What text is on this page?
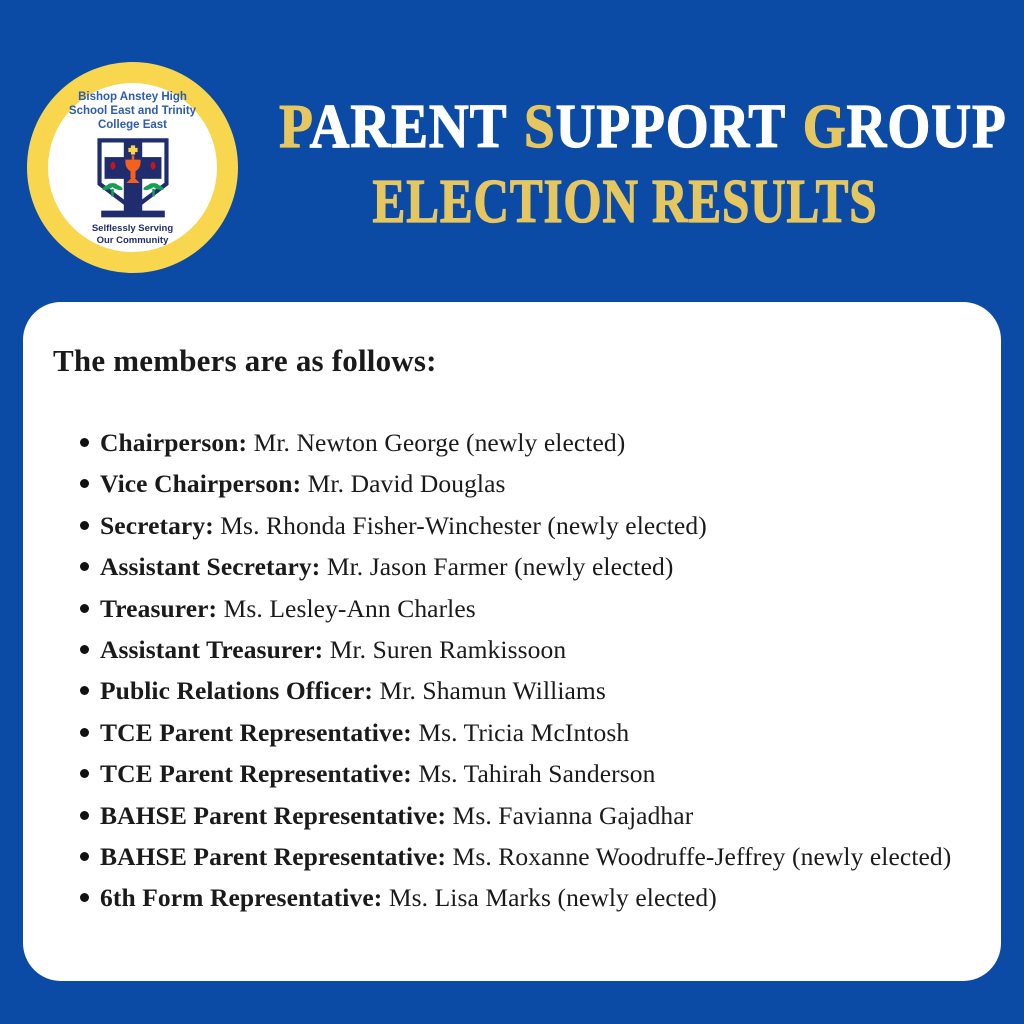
Bishop Anstey High
School East and Trinity
College East
Selflessly Serving
Our Community
PARENT SUPPORT GROUP
ELECTION RESULTS
The members are as follows:
Chairperson: Mr. Newton George (newly elected)
Vice Chairperson: Mr. David Douglas
Secretary: Ms. Rhonda Fisher-Winchester (newly elected)
Assistant Secretary: Mr. Jason Farmer (newly elected)
Treasurer: Ms. Lesley-Ann Charles
Assistant Treasurer: Mr. Suren Ramkissoon
Public Relations Officer: Mr. Shamun Williams
TCE Parent Representative: Ms. Tricia McIntosh
TCE Parent Representative: Ms. Tahirah Sanderson
BAHSE Parent Representative: Ms. Favianna Gajadhar
BAHSE Parent Representative: Ms. Roxanne Woodruffe-Jeffrey (newly elected)
6th Form Representative: Ms. Lisa Marks (newly elected)
